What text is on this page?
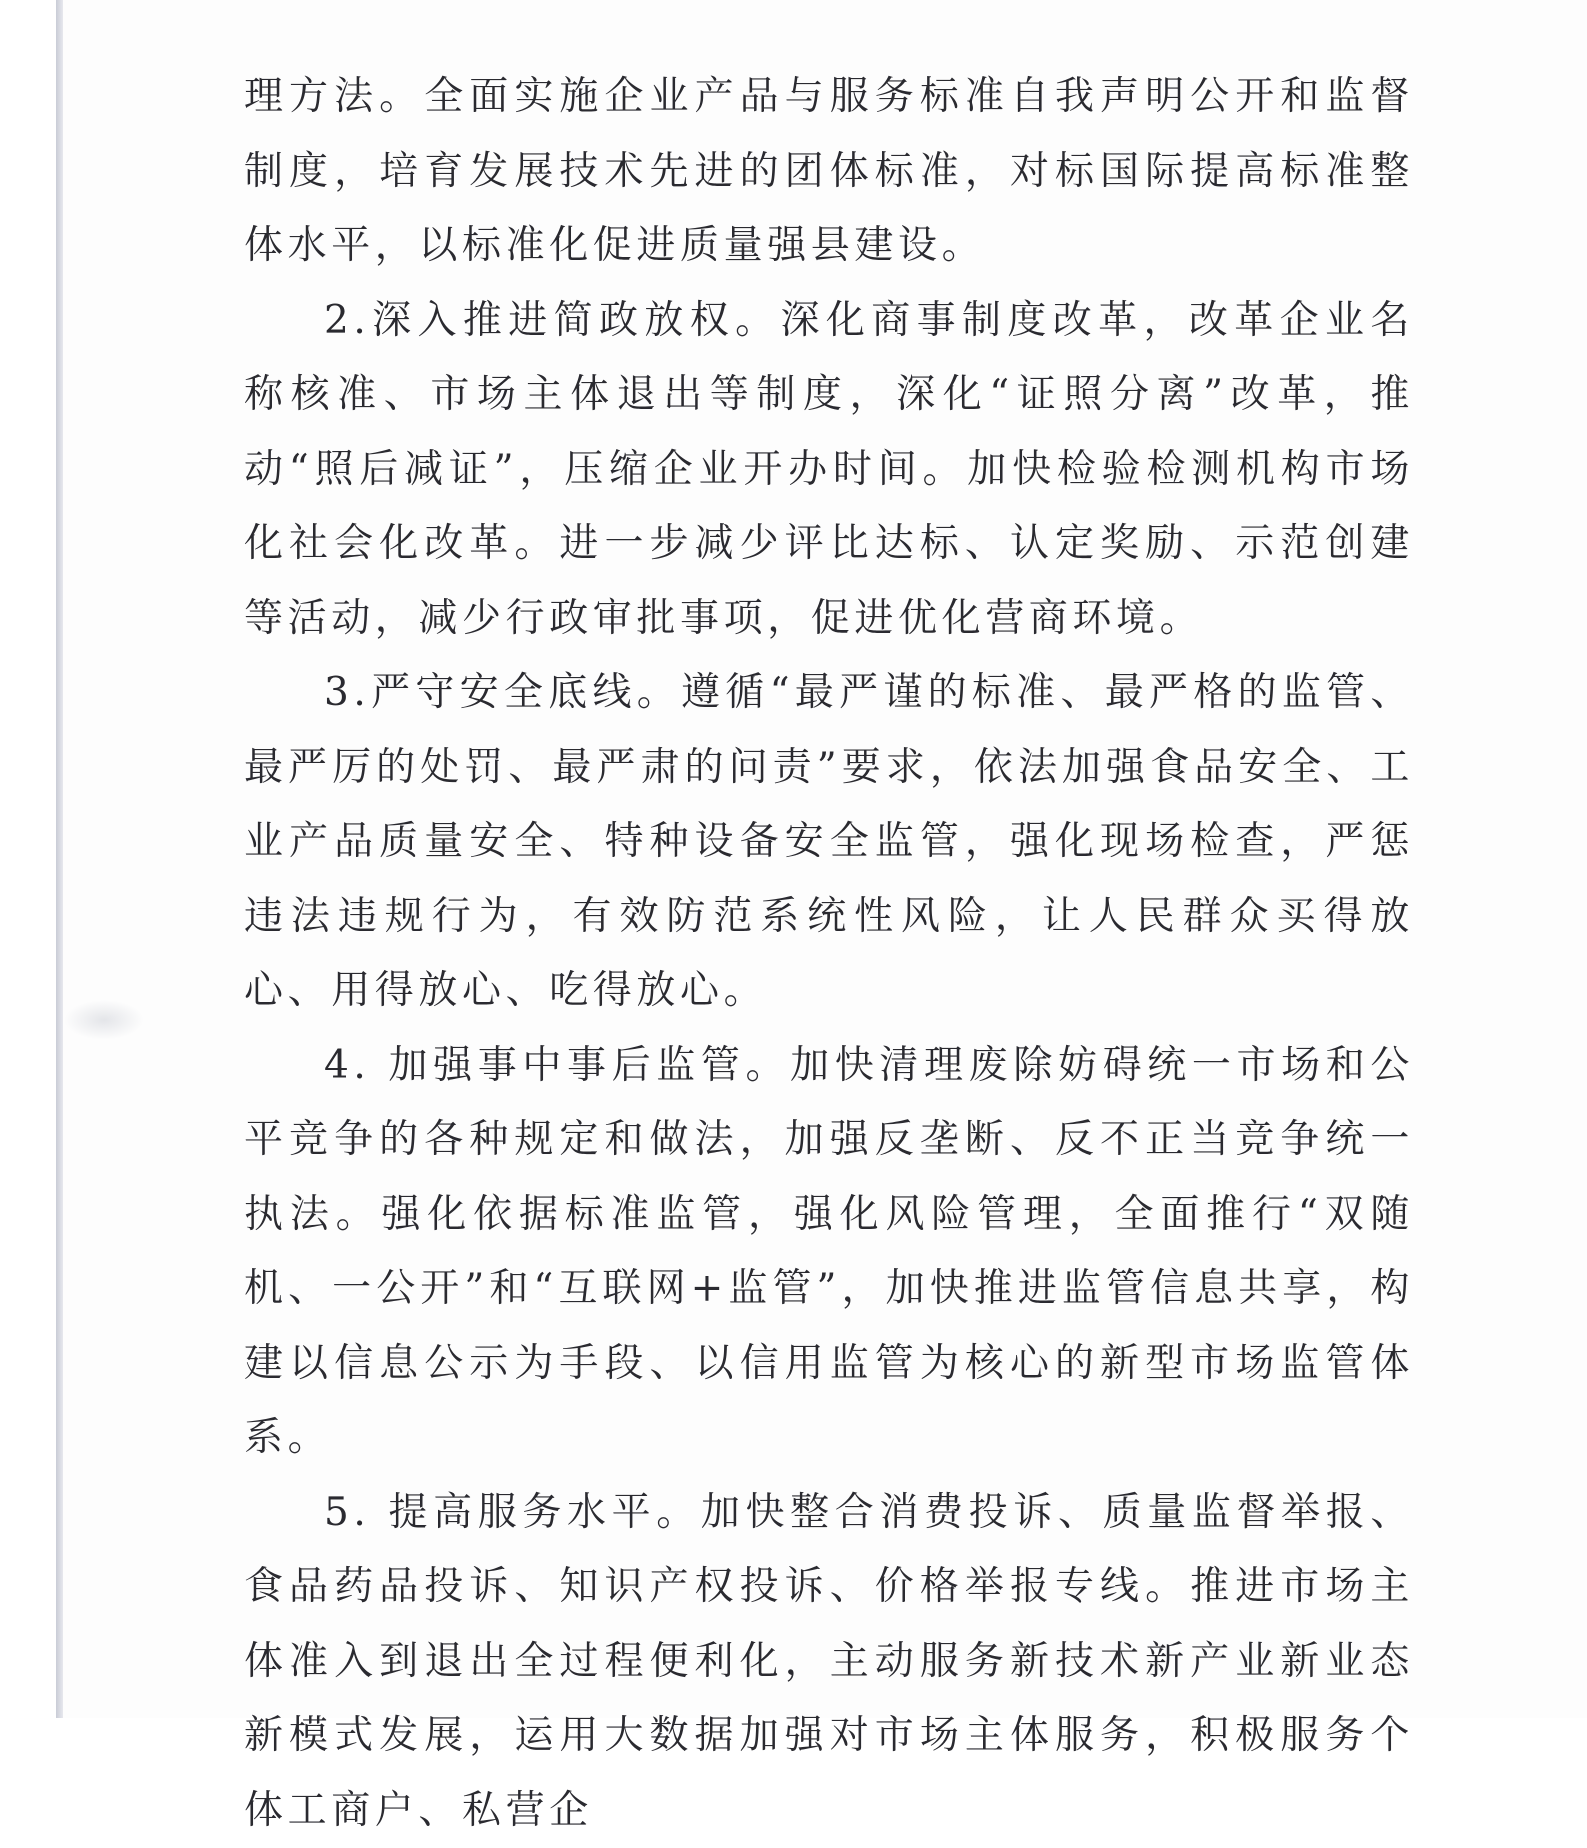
理方法。全面实施企业产品与服务标准自我声明公开和监督制度，培育发展技术先进的团体标准，对标国际提高标准整体水平，以标准化促进质量强县建设。

2.深入推进简政放权。深化商事制度改革，改革企业名称核准、市场主体退出等制度，深化“证照分离”改革，推动“照后减证”，压缩企业开办时间。加快检验检测机构市场化社会化改革。进一步减少评比达标、认定奖励、示范创建等活动，减少行政审批事项，促进优化营商环境。

3.严守安全底线。遵循“最严谨的标准、最严格的监管、最严厉的处罚、最严肃的问责”要求，依法加强食品安全、工业产品质量安全、特种设备安全监管，强化现场检查，严惩违法违规行为，有效防范系统性风险，让人民群众买得放心、用得放心、吃得放心。

4. 加强事中事后监管。加快清理废除妨碍统一市场和公平竞争的各种规定和做法，加强反垄断、反不正当竞争统一执法。强化依据标准监管，强化风险管理，全面推行“双随机、一公开”和“互联网+监管”，加快推进监管信息共享，构建以信息公示为手段、以信用监管为核心的新型市场监管体系。

5. 提高服务水平。加快整合消费投诉、质量监督举报、食品药品投诉、知识产权投诉、价格举报专线。推进市场主体准入到退出全过程便利化，主动服务新技术新产业新业态新模式发展，运用大数据加强对市场主体服务，积极服务个体工商户、私营企
